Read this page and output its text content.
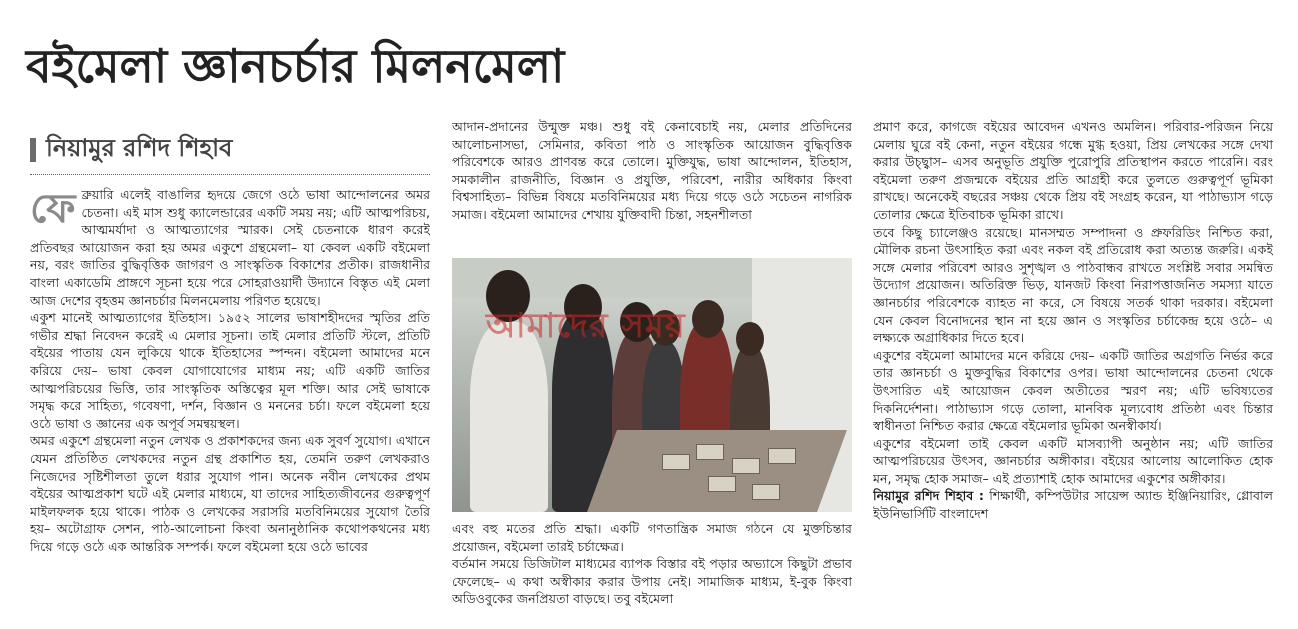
বইমেলা জ্ঞানচর্চার মিলনমেলা
নিয়ামুর রশিদ শিহাব

ফেব্রুয়ারি এলেই বাঙালির হৃদয়ে জেগে ওঠে ভাষা আন্দোলনের অমর চেতনা। এই মাস শুধু ক্যালেন্ডারের একটি সময় নয়; এটি আত্মপরিচয়, আত্মমর্যাদা ও আত্মত্যাগের স্মারক। সেই চেতনাকে ধারণ করেই প্রতিবছর আয়োজন করা হয় অমর একুশে গ্রন্থমেলা– যা কেবল একটি বইমেলা নয়, বরং জাতির বুদ্ধিবৃত্তিক জাগরণ ও সাংস্কৃতিক বিকাশের প্রতীক। রাজধানীর বাংলা একাডেমি প্রাঙ্গণে সূচনা হয়ে পরে সোহরাওয়ার্দী উদ্যানে বিস্তৃত এই মেলা আজ দেশের বৃহত্তম জ্ঞানচর্চার মিলনমেলায় পরিণত হয়েছে।

একুশ মানেই আত্মত্যাগের ইতিহাস। ১৯৫২ সালের ভাষাশহীদদের স্মৃতির প্রতি গভীর শ্রদ্ধা নিবেদন করেই এ মেলার সূচনা। তাই মেলার প্রতিটি স্টলে, প্রতিটি বইয়ের পাতায় যেন লুকিয়ে থাকে ইতিহাসের স্পন্দন। বইমেলা আমাদের মনে করিয়ে দেয়– ভাষা কেবল যোগাযোগের মাধ্যম নয়; এটি একটি জাতির আত্মপরিচয়ের ভিত্তি, তার সাংস্কৃতিক অস্তিত্বের মূল শক্তি। আর সেই ভাষাকে সমৃদ্ধ করে সাহিত্য, গবেষণা, দর্শন, বিজ্ঞান ও মননের চর্চা। ফলে বইমেলা হয়ে ওঠে ভাষা ও জ্ঞানের এক অপূর্ব সমন্বয়স্থল।

অমর একুশে গ্রন্থমেলা নতুন লেখক ও প্রকাশকদের জন্য এক সুবর্ণ সুযোগ। এখানে যেমন প্রতিষ্ঠিত লেখকদের নতুন গ্রন্থ প্রকাশিত হয়, তেমনি তরুণ লেখকরাও নিজেদের সৃষ্টিশীলতা তুলে ধরার সুযোগ পান। অনেক নবীন লেখকের প্রথম বইয়ের আত্মপ্রকাশ ঘটে এই মেলার মাধ্যমে, যা তাদের সাহিত্যজীবনের গুরুত্বপূর্ণ মাইলফলক হয়ে থাকে। পাঠক ও লেখকের সরাসরি মতবিনিময়ের সুযোগ তৈরি হয়– অটোগ্রাফ সেশন, পাঠ-আলোচনা কিংবা অনানুষ্ঠানিক কথোপকথনের মধ্য দিয়ে গড়ে ওঠে এক আন্তরিক সম্পর্ক। ফলে বইমেলা হয়ে ওঠে ভাবের

আদান-প্রদানের উন্মুক্ত মঞ্চ। শুধু বই কেনাবেচাই নয়, মেলার প্রতিদিনের আলোচনাসভা, সেমিনার, কবিতা পাঠ ও সাংস্কৃতিক আয়োজন বুদ্ধিবৃত্তিক পরিবেশকে আরও প্রাণবন্ত করে তোলে। মুক্তিযুদ্ধ, ভাষা আন্দোলন, ইতিহাস, সমকালীন রাজনীতি, বিজ্ঞান ও প্রযুক্তি, পরিবেশ, নারীর অধিকার কিংবা বিশ্বসাহিত্য– বিভিন্ন বিষয়ে মতবিনিময়ের মধ্য দিয়ে গড়ে ওঠে সচেতন নাগরিক সমাজ। বইমেলা আমাদের শেখায় যুক্তিবাদী চিন্তা, সহনশীলতা

আমাদের সময়

এবং বহু মতের প্রতি শ্রদ্ধা। একটি গণতান্ত্রিক সমাজ গঠনে যে মুক্তচিন্তার প্রয়োজন, বইমেলা তারই চর্চাক্ষেত্র।

বর্তমান সময়ে ডিজিটাল মাধ্যমের ব্যাপক বিস্তার বই পড়ার অভ্যাসে কিছুটা প্রভাব ফেলেছে– এ কথা অস্বীকার করার উপায় নেই। সামাজিক মাধ্যম, ই-বুক কিংবা অডিওবুকের জনপ্রিয়তা বাড়ছে। তবু বইমেলা

প্রমাণ করে, কাগজে বইয়ের আবেদন এখনও অমলিন। পরিবার-পরিজন নিয়ে মেলায় ঘুরে বই কেনা, নতুন বইয়ের গন্ধে মুগ্ধ হওয়া, প্রিয় লেখকের সঙ্গে দেখা করার উচ্ছ্বাস– এসব অনুভূতি প্রযুক্তি পুরোপুরি প্রতিস্থাপন করতে পারেনি। বরং বইমেলা তরুণ প্রজন্মকে বইয়ের প্রতি আগ্রহী করে তুলতে গুরুত্বপূর্ণ ভূমিকা রাখছে। অনেকেই বছরের সঞ্চয় থেকে প্রিয় বই সংগ্রহ করেন, যা পাঠাভ্যাস গড়ে তোলার ক্ষেত্রে ইতিবাচক ভূমিকা রাখে।

তবে কিছু চ্যালেঞ্জও রয়েছে। মানসম্মত সম্পাদনা ও প্রুফরিডিং নিশ্চিত করা, মৌলিক রচনা উৎসাহিত করা এবং নকল বই প্রতিরোধ করা অত্যন্ত জরুরি। একই সঙ্গে মেলার পরিবেশ আরও সুশৃঙ্খল ও পাঠবান্ধব রাখতে সংশ্লিষ্ট সবার সমন্বিত উদ্যোগ প্রয়োজন। অতিরিক্ত ভিড়, যানজট কিংবা নিরাপত্তাজনিত সমস্যা যাতে জ্ঞানচর্চার পরিবেশকে ব্যাহত না করে, সে বিষয়ে সতর্ক থাকা দরকার। বইমেলা যেন কেবল বিনোদনের স্থান না হয়ে জ্ঞান ও সংস্কৃতির চর্চাকেন্দ্র হয়ে ওঠে– এ লক্ষ্যকে অগ্রাধিকার দিতে হবে।

একুশের বইমেলা আমাদের মনে করিয়ে দেয়– একটি জাতির অগ্রগতি নির্ভর করে তার জ্ঞানচর্চা ও মুক্তবুদ্ধির বিকাশের ওপর। ভাষা আন্দোলনের চেতনা থেকে উৎসারিত এই আয়োজন কেবল অতীতের স্মরণ নয়; এটি ভবিষ্যতের দিকনির্দেশনা। পাঠাভ্যাস গড়ে তোলা, মানবিক মূল্যবোধ প্রতিষ্ঠা এবং চিন্তার স্বাধীনতা নিশ্চিত করার ক্ষেত্রে বইমেলার ভূমিকা অনস্বীকার্য।

একুশের বইমেলা তাই কেবল একটি মাসব্যাপী অনুষ্ঠান নয়; এটি জাতির আত্মপরিচয়ের উৎসব, জ্ঞানচর্চার অঙ্গীকার। বইয়ের আলোয় আলোকিত হোক মন, সমৃদ্ধ হোক সমাজ– এই প্রত্যাশাই হোক আমাদের একুশের অঙ্গীকার।

নিয়ামুর রশিদ শিহাব : শিক্ষার্থী, কম্পিউটার সায়েন্স অ্যান্ড ইঞ্জিনিয়ারিং, গ্লোবাল ইউনিভার্সিটি বাংলাদেশ
